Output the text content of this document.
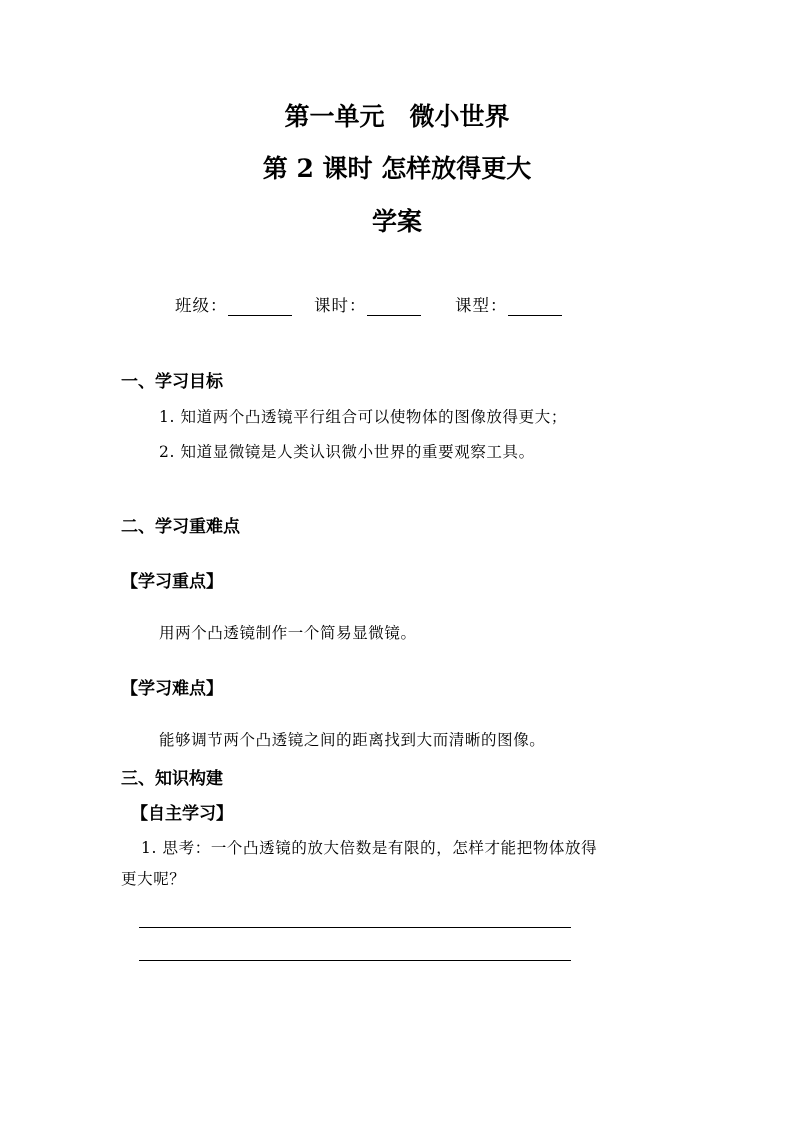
第一单元　微小世界
第 2 课时 怎样放得更大
学案
班级：	课时：	课型：
一、学习目标
1. 知道两个凸透镜平行组合可以使物体的图像放得更大；
2. 知道显微镜是人类认识微小世界的重要观察工具。
二、学习重难点
【学习重点】
用两个凸透镜制作一个简易显微镜。
【学习难点】
能够调节两个凸透镜之间的距离找到大而清晰的图像。
三、知识构建
【自主学习】
1. 思考：一个凸透镜的放大倍数是有限的，怎样才能把物体放得
更大呢？
